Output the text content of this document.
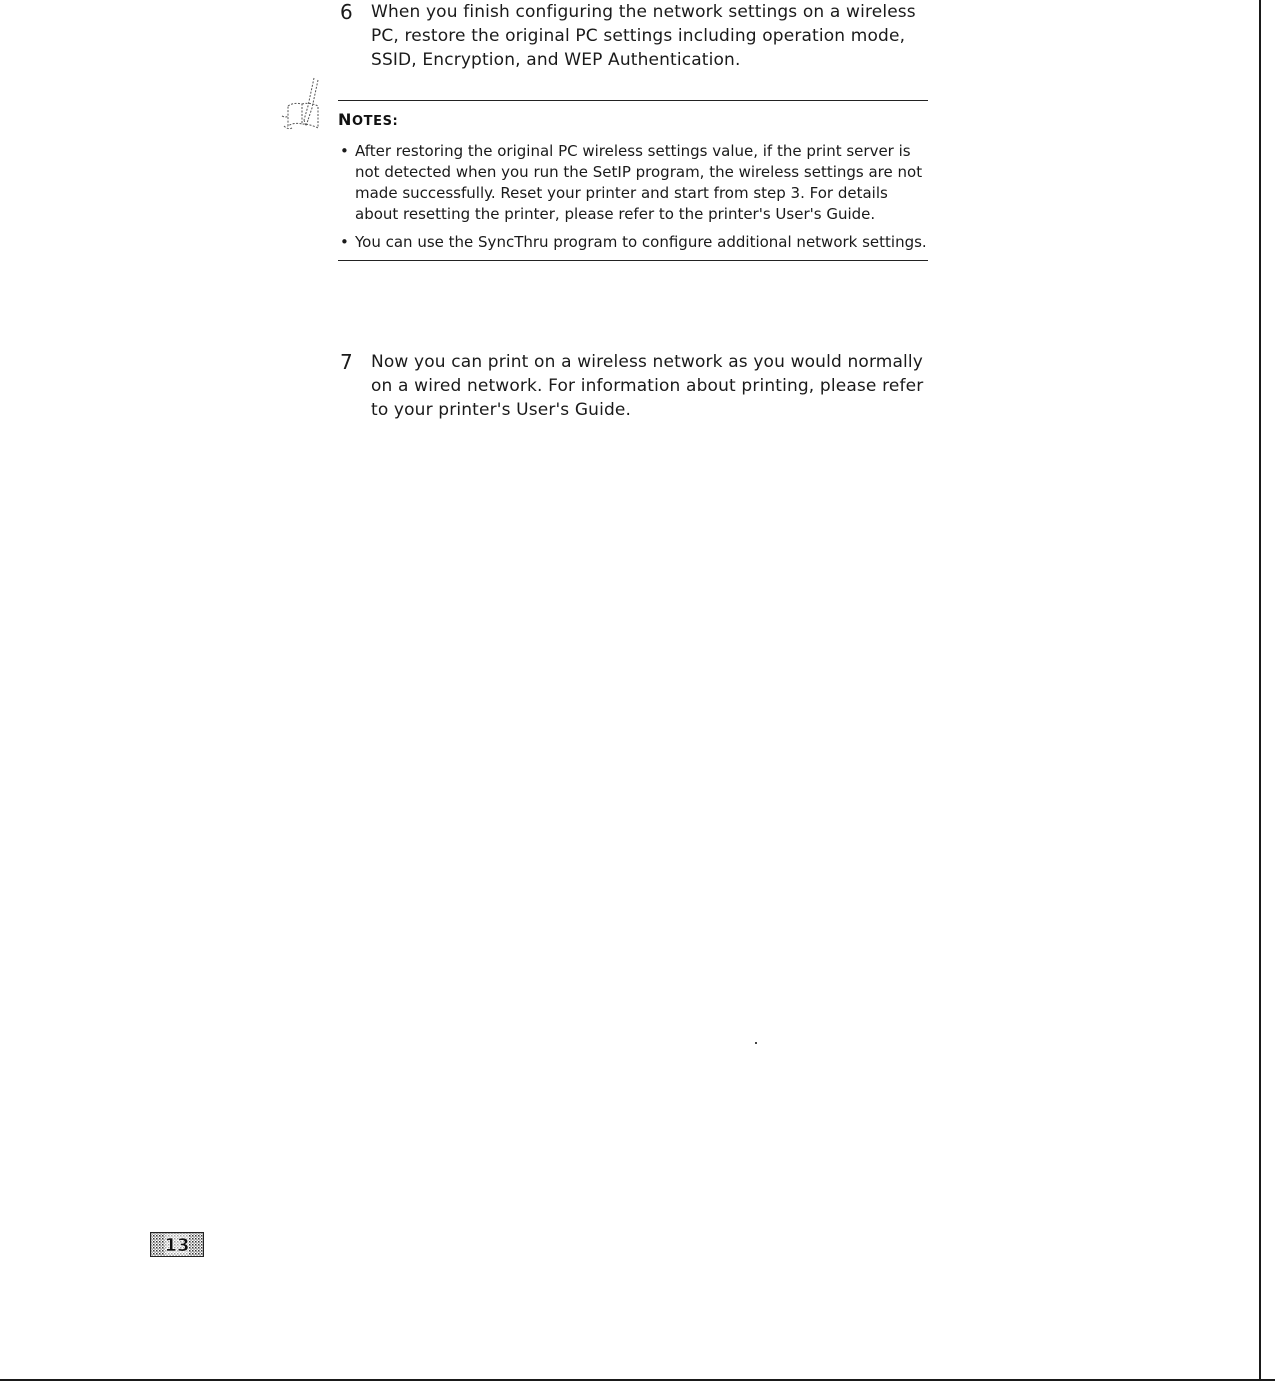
6 When you finish configuring the network settings on a wireless PC, restore the original PC settings including operation mode, SSID, Encryption, and WEP Authentication.
NOTES:
• After restoring the original PC wireless settings value, if the print server is not detected when you run the SetIP program, the wireless settings are not made successfully. Reset your printer and start from step 3. For details about resetting the printer, please refer to the printer's User's Guide.
• You can use the SyncThru program to configure additional network settings.
7 Now you can print on a wireless network as you would normally on a wired network. For information about printing, please refer to your printer's User's Guide.
13
